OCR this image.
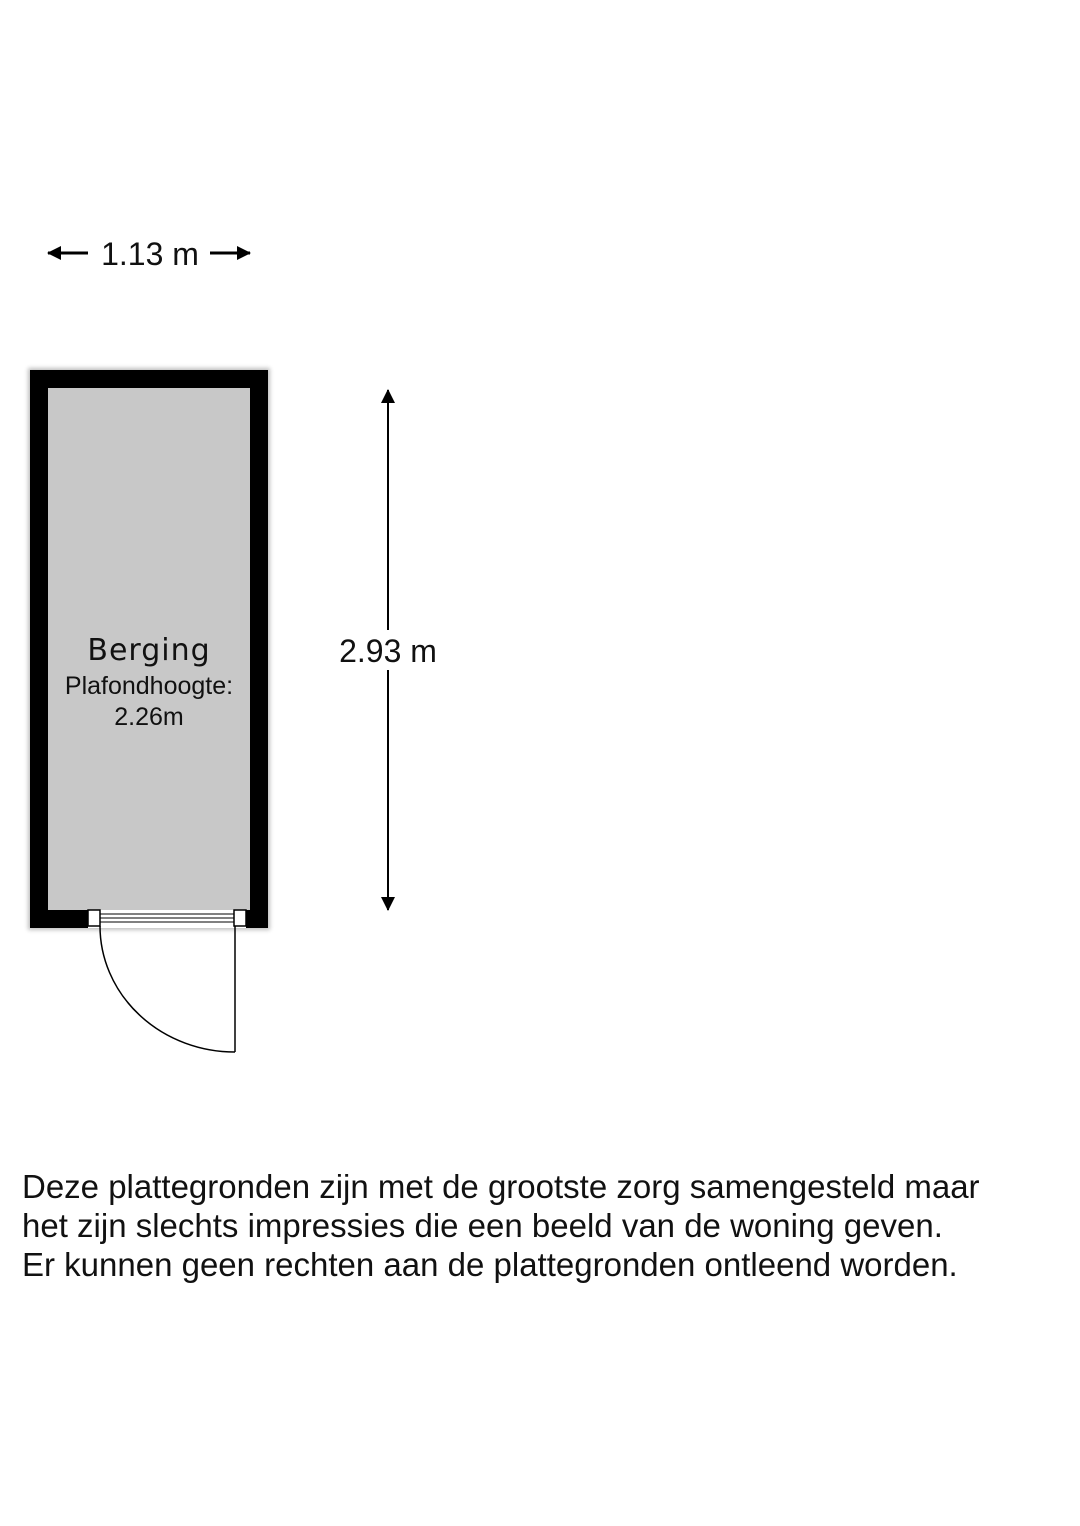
1.13 m
Berging
Plafondhoogte:
2.26m
2.93 m

Deze plattegronden zijn met de grootste zorg samengesteld maar
het zijn slechts impressies die een beeld van de woning geven.
Er kunnen geen rechten aan de plattegronden ontleend worden.
